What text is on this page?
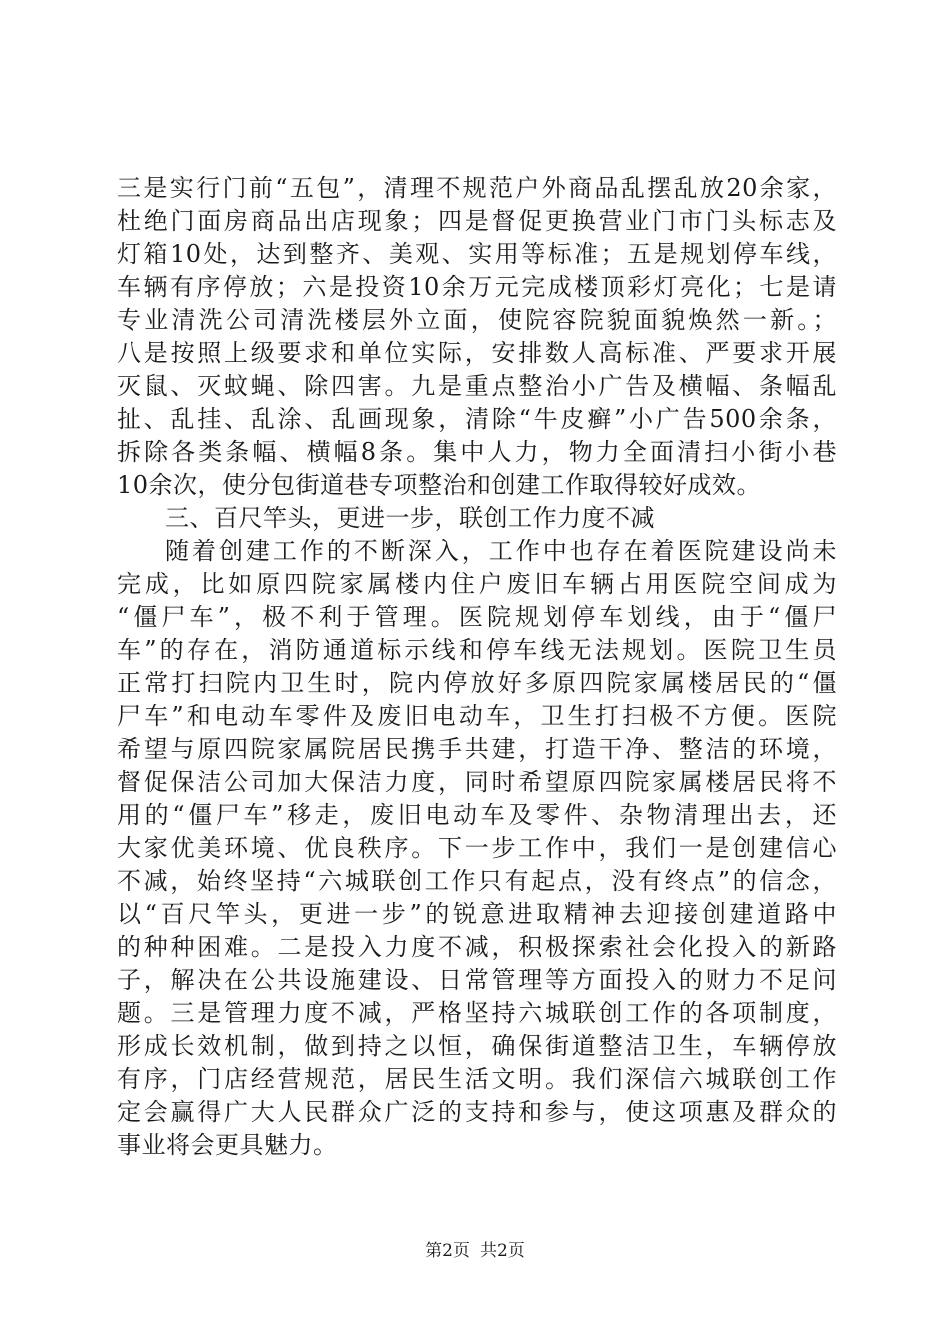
三是实行门前“五包”，清理不规范户外商品乱摆乱放20余家，
杜绝门面房商品出店现象；四是督促更换营业门市门头标志及
灯箱10处，达到整齐、美观、实用等标准；五是规划停车线，
车辆有序停放；六是投资10余万元完成楼顶彩灯亮化；七是请
专业清洗公司清洗楼层外立面，使院容院貌面貌焕然一新。；
八是按照上级要求和单位实际，安排数人高标准、严要求开展
灭鼠、灭蚊蝇、除四害。九是重点整治小广告及横幅、条幅乱
扯、乱挂、乱涂、乱画现象，清除“牛皮癣”小广告500余条，
拆除各类条幅、横幅8条。集中人力，物力全面清扫小街小巷
10余次，使分包街道巷专项整治和创建工作取得较好成效。
三、百尺竿头，更进一步，联创工作力度不减
随着创建工作的不断深入，工作中也存在着医院建设尚未
完成，比如原四院家属楼内住户废旧车辆占用医院空间成为
“僵尸车”，极不利于管理。医院规划停车划线，由于“僵尸
车”的存在，消防通道标示线和停车线无法规划。医院卫生员
正常打扫院内卫生时，院内停放好多原四院家属楼居民的“僵
尸车”和电动车零件及废旧电动车，卫生打扫极不方便。医院
希望与原四院家属院居民携手共建，打造干净、整洁的环境，
督促保洁公司加大保洁力度，同时希望原四院家属楼居民将不
用的“僵尸车”移走，废旧电动车及零件、杂物清理出去，还
大家优美环境、优良秩序。下一步工作中，我们一是创建信心
不减，始终坚持“六城联创工作只有起点，没有终点”的信念，
以“百尺竿头，更进一步”的锐意进取精神去迎接创建道路中
的种种困难。二是投入力度不减，积极探索社会化投入的新路
子，解决在公共设施建设、日常管理等方面投入的财力不足问
题。三是管理力度不减，严格坚持六城联创工作的各项制度，
形成长效机制，做到持之以恒，确保街道整洁卫生，车辆停放
有序，门店经营规范，居民生活文明。我们深信六城联创工作
定会赢得广大人民群众广泛的支持和参与，使这项惠及群众的
事业将会更具魅力。
第2页 共2页
